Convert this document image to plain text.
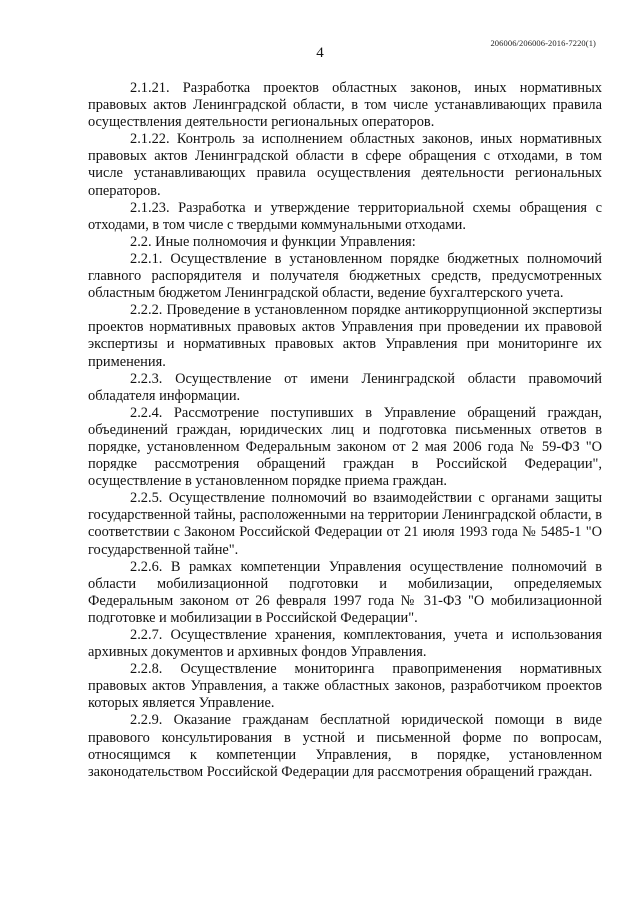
206006/206006-2016-7220(1)
4

2.1.21. Разработка проектов областных законов, иных нормативных правовых актов Ленинградской области, в том числе устанавливающих правила осуществления деятельности региональных операторов.

2.1.22. Контроль за исполнением областных законов, иных нормативных правовых актов Ленинградской области в сфере обращения с отходами, в том числе устанавливающих правила осуществления деятельности региональных операторов.

2.1.23. Разработка и утверждение территориальной схемы обращения с отходами, в том числе с твердыми коммунальными отходами.

2.2. Иные полномочия и функции Управления:

2.2.1. Осуществление в установленном порядке бюджетных полномочий главного распорядителя и получателя бюджетных средств, предусмотренных областным бюджетом Ленинградской области, ведение бухгалтерского учета.

2.2.2. Проведение в установленном порядке антикоррупционной экспертизы проектов нормативных правовых актов Управления при проведении их правовой экспертизы и нормативных правовых актов Управления при мониторинге их применения.

2.2.3. Осуществление от имени Ленинградской области правомочий обладателя информации.

2.2.4. Рассмотрение поступивших в Управление обращений граждан, объединений граждан, юридических лиц и подготовка письменных ответов в порядке, установленном Федеральным законом от 2 мая 2006 года № 59-ФЗ "О порядке рассмотрения обращений граждан в Российской Федерации", осуществление в установленном порядке приема граждан.

2.2.5. Осуществление полномочий во взаимодействии с органами защиты государственной тайны, расположенными на территории Ленинградской области, в соответствии с Законом Российской Федерации от 21 июля 1993 года № 5485-1 "О государственной тайне".

2.2.6. В рамках компетенции Управления осуществление полномочий в области мобилизационной подготовки и мобилизации, определяемых Федеральным законом от 26 февраля 1997 года № 31-ФЗ "О мобилизационной подготовке и мобилизации в Российской Федерации".

2.2.7. Осуществление хранения, комплектования, учета и использования архивных документов и архивных фондов Управления.

2.2.8. Осуществление мониторинга правоприменения нормативных правовых актов Управления, а также областных законов, разработчиком проектов которых является Управление.

2.2.9. Оказание гражданам бесплатной юридической помощи в виде правового консультирования в устной и письменной форме по вопросам, относящимся к компетенции Управления, в порядке, установленном законодательством Российской Федерации для рассмотрения обращений граждан.
